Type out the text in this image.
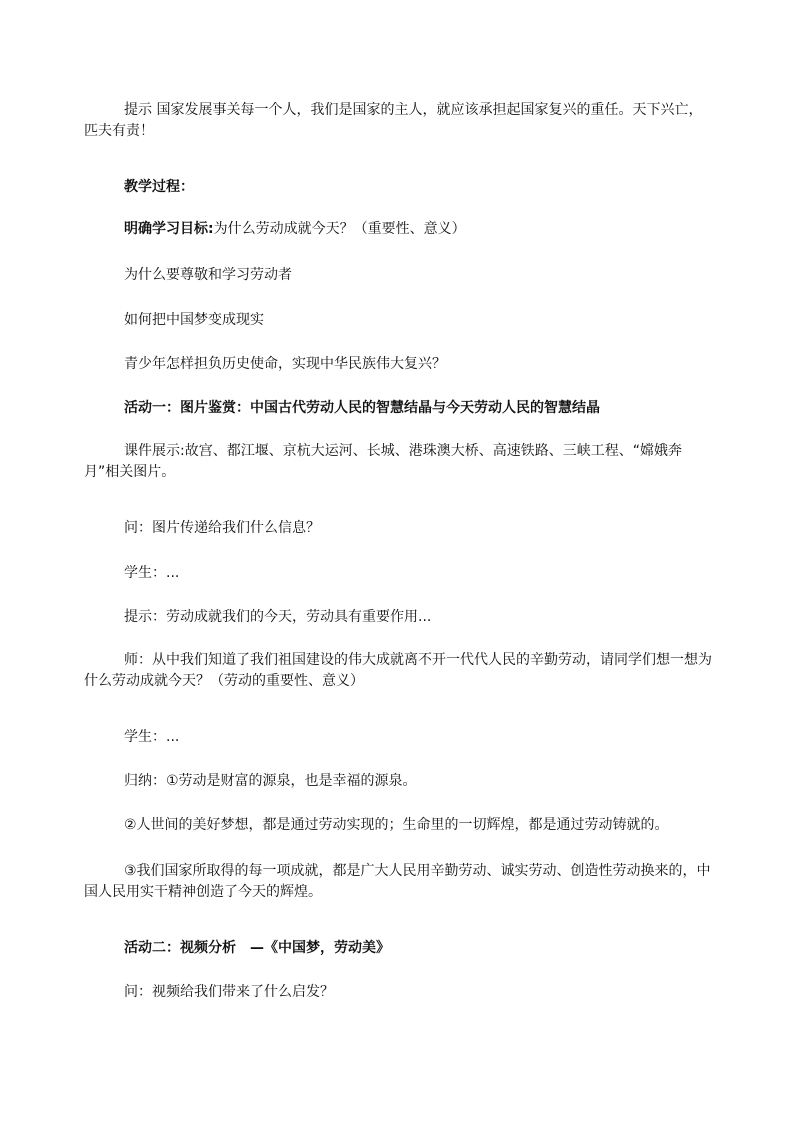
提示 国家发展事关每一个人，我们是国家的主人，就应该承担起国家复兴的重任。天下兴亡，匹夫有责！
教学过程：
明确学习目标:为什么劳动成就今天？（重要性、意义）
为什么要尊敬和学习劳动者
如何把中国梦变成现实
青少年怎样担负历史使命，实现中华民族伟大复兴？
活动一：图片鉴赏：中国古代劳动人民的智慧结晶与今天劳动人民的智慧结晶
课件展示:故宫、都江堰、京杭大运河、长城、港珠澳大桥、高速铁路、三峡工程、“嫦娥奔月”相关图片。
问：图片传递给我们什么信息？
学生：...
提示：劳动成就我们的今天，劳动具有重要作用...
师：从中我们知道了我们祖国建设的伟大成就离不开一代代人民的辛勤劳动，请同学们想一想为什么劳动成就今天？（劳动的重要性、意义）
学生：...
归纳：①劳动是财富的源泉，也是幸福的源泉。
②人世间的美好梦想，都是通过劳动实现的；生命里的一切辉煌，都是通过劳动铸就的。
③我们国家所取得的每一项成就，都是广大人民用辛勤劳动、诚实劳动、创造性劳动换来的，中国人民用实干精神创造了今天的辉煌。
活动二：视频分析　—《中国梦，劳动美》
问：视频给我们带来了什么启发？
